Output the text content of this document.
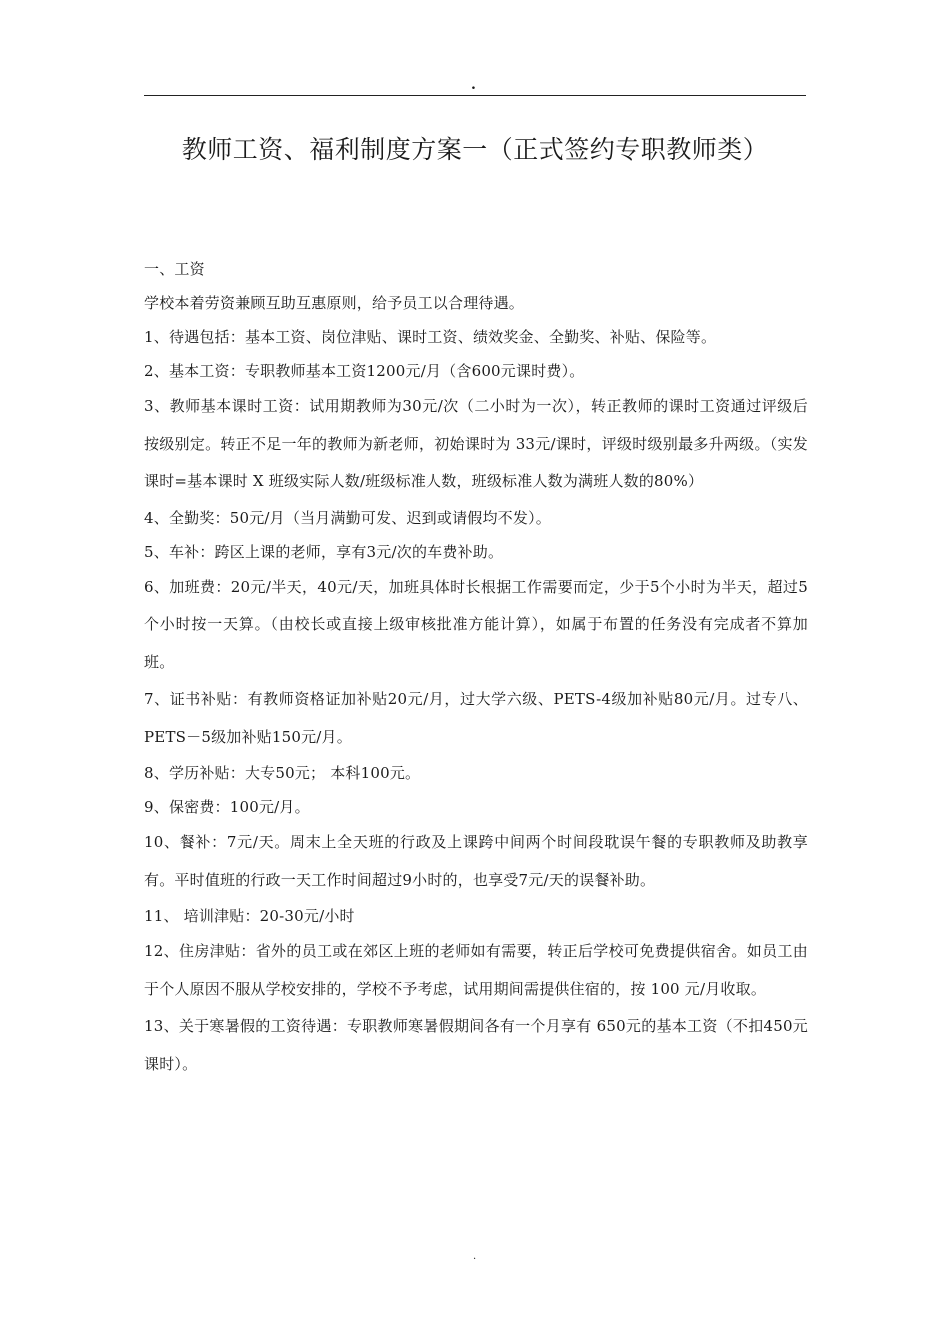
.
教师工资、福利制度方案一（正式签约专职教师类）

一、工资

学校本着劳资兼顾互助互惠原则，给予员工以合理待遇。

1、待遇包括：基本工资、岗位津贴、课时工资、绩效奖金、全勤奖、补贴、保险等。

2、基本工资：专职教师基本工资1200元/月（含600元课时费）。

3、教师基本课时工资：试用期教师为30元/次（二小时为一次），转正教师的课时工资通过评级后按级别定。转正不足一年的教师为新老师，初始课时为 33元/课时，评级时级别最多升两级。（实发课时=基本课时 X 班级实际人数/班级标准人数，班级标准人数为满班人数的80%）

4、全勤奖：50元/月（当月满勤可发、迟到或请假均不发）。

5、车补：跨区上课的老师，享有3元/次的车费补助。

6、加班费：20元/半天，40元/天，加班具体时长根据工作需要而定，少于5个小时为半天，超过5个小时按一天算。（由校长或直接上级审核批准方能计算），如属于布置的任务没有完成者不算加班。

7、证书补贴：有教师资格证加补贴20元/月，过大学六级、PETS-4级加补贴80元/月。过专八、PETS－5级加补贴150元/月。

8、学历补贴：大专50元； 本科100元。

9、保密费：100元/月。

10、餐补：7元/天。周末上全天班的行政及上课跨中间两个时间段耽误午餐的专职教师及助教享有。平时值班的行政一天工作时间超过9小时的，也享受7元/天的误餐补助。

11、 培训津贴：20-30元/小时

12、住房津贴：省外的员工或在郊区上班的老师如有需要，转正后学校可免费提供宿舍。如员工由于个人原因不服从学校安排的，学校不予考虑，试用期间需提供住宿的，按 100 元/月收取。

13、关于寒暑假的工资待遇：专职教师寒暑假期间各有一个月享有 650元的基本工资（不扣450元课时）。

.
